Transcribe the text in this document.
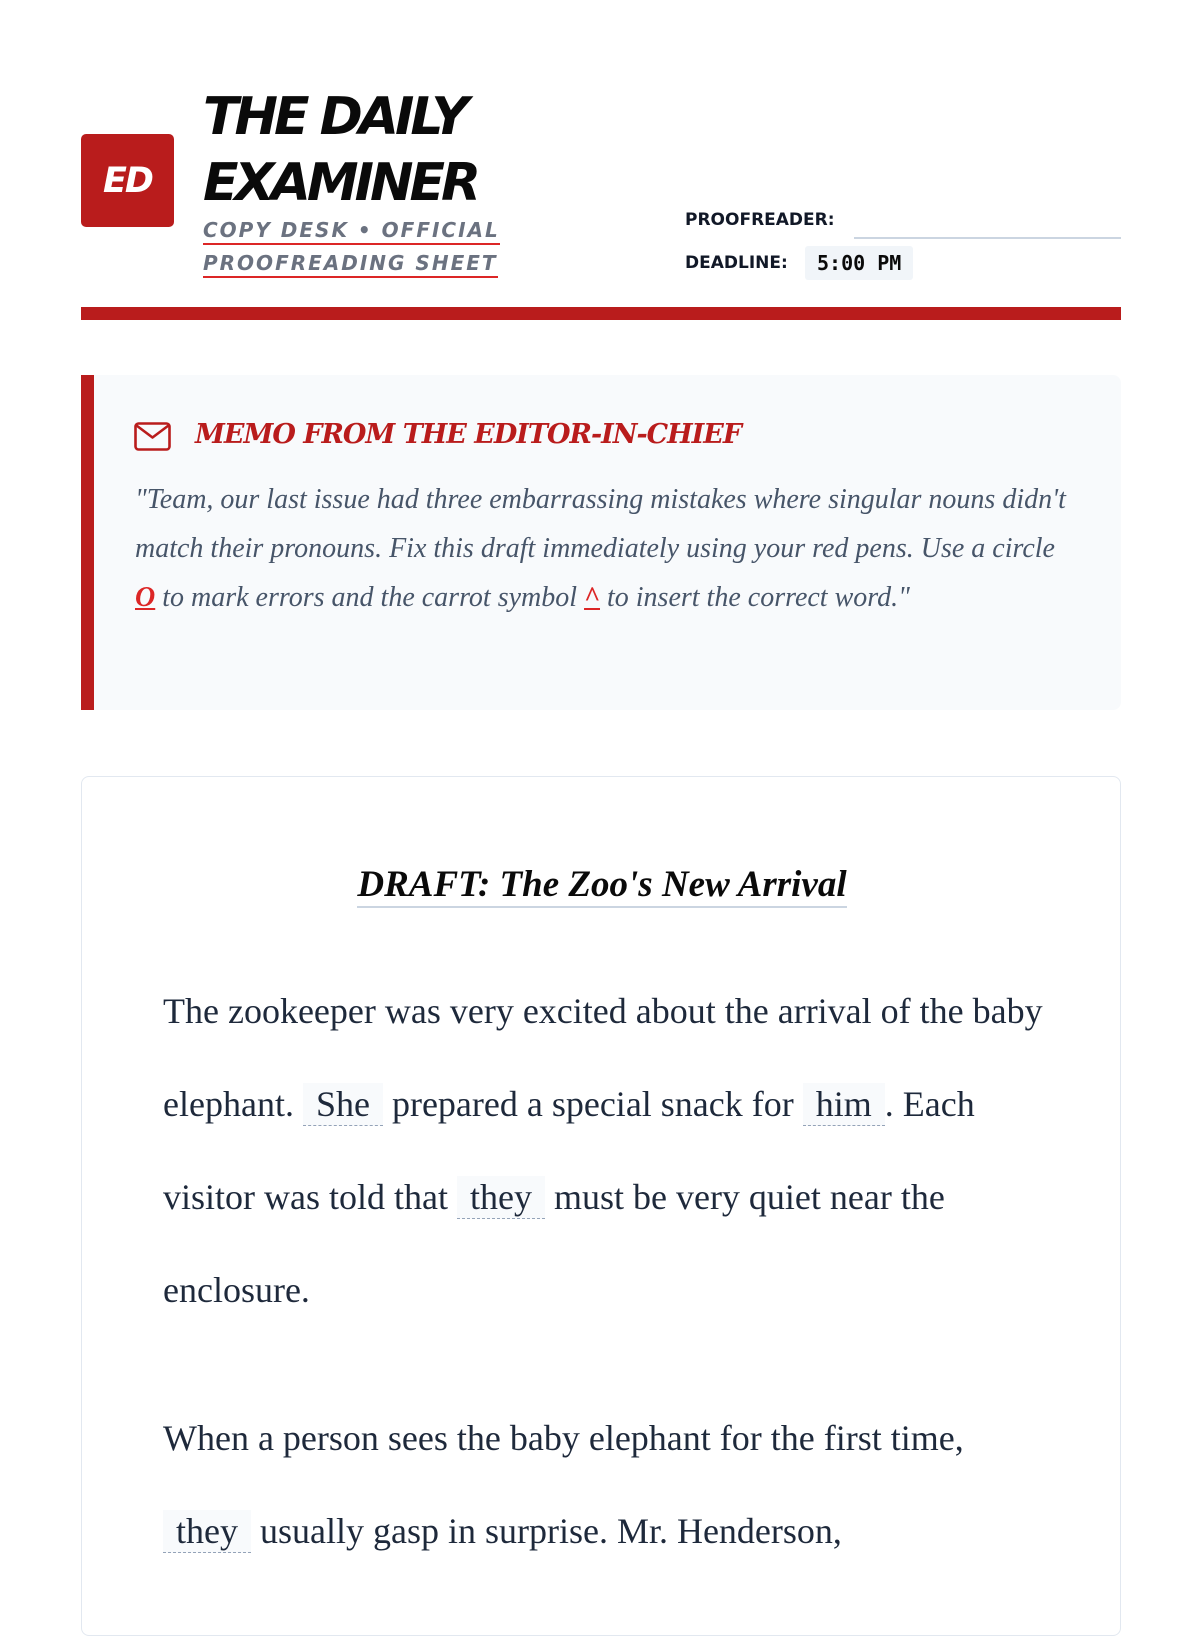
ED
THE DAILY
EXAMINER
COPY DESK • OFFICIAL
PROOFREADING SHEET
PROOFREADER:
DEADLINE:	5:00 PM
MEMO FROM THE EDITOR-IN-CHIEF
"Team, our last issue had three embarrassing mistakes where singular nouns didn't match their pronouns. Fix this draft immediately using your red pens. Use a circle O to mark errors and the carrot symbol ^ to insert the correct word."
DRAFT: The Zoo's New Arrival

The zookeeper was very excited about the arrival of the baby elephant. She prepared a special snack for him . Each visitor was told that they must be very quiet near the enclosure.

When a person sees the baby elephant for the first time, they usually gasp in surprise. Mr. Henderson,
